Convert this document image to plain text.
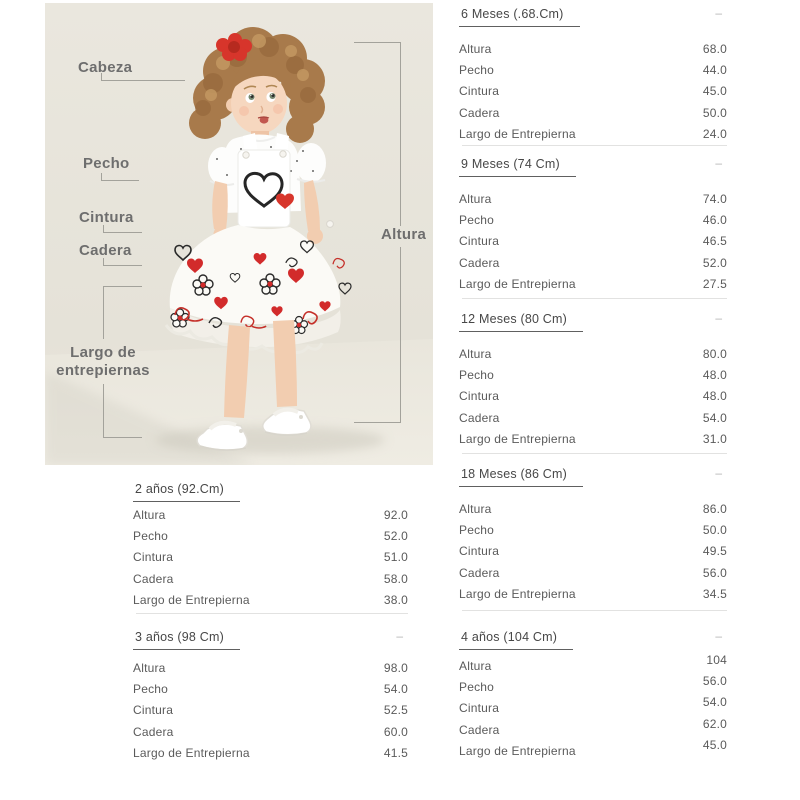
Cabeza
Pecho
Cintura
Cadera
Largo de
entrepiernas
Altura
2 años (92.Cm)
Altura	92.0
Pecho	52.0
Cintura	51.0
Cadera	58.0
Largo de Entrepierna	38.0
3 años (98 Cm)	–
Altura	98.0
Pecho	54.0
Cintura	52.5
Cadera	60.0
Largo de Entrepierna	41.5
6 Meses (.68.Cm)	–
Altura	68.0
Pecho	44.0
Cintura	45.0
Cadera	50.0
Largo de Entrepierna	24.0
9 Meses (74 Cm)	–
Altura	74.0
Pecho	46.0
Cintura	46.5
Cadera	52.0
Largo de Entrepierna	27.5
12 Meses (80 Cm)	–
Altura	80.0
Pecho	48.0
Cintura	48.0
Cadera	54.0
Largo de Entrepierna	31.0
18 Meses (86 Cm)	–
Altura	86.0
Pecho	50.0
Cintura	49.5
Cadera	56.0
Largo de Entrepierna	34.5
4 años (104 Cm)	–
Altura	104
Pecho	56.0
Cintura	54.0
Cadera	62.0
Largo de Entrepierna	45.0
